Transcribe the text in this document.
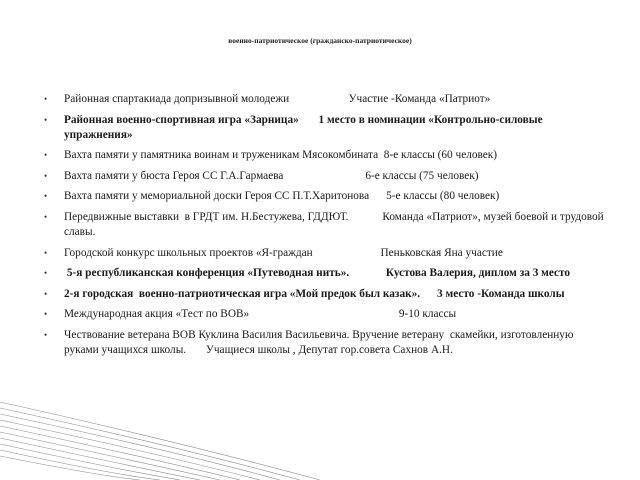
военно-патриотическое (гражданско-патриотическое)
• Районная спартакиада допризывной молодежи                     Участие -Команда «Патриот»
• Районная военно-спортивная игра «Зарница»       1 место в номинации «Контрольно-силовые упражнения»
• Вахта памяти у памятника воинам и труженикам Мясокомбината  8-е классы (60 человек)
• Вахта памяти у бюста Героя СС Г.А.Гармаева                             6-е классы (75 человек)
• Вахта памяти у мемориальной доски Героя СС П.Т.Харитонова      5-е классы (80 человек)
• Передвижные выставки  в ГРДТ им. Н.Бестужева, ГДДЮТ.            Команда «Патриот», музей боевой и трудовой славы.
• Городской конкурс школьных проектов «Я-граждан                        Пеньковская Яна участие
• 5-я республиканская конференция «Путеводная нить».             Кустова Валерия, диплом за 3 место
• 2-я городская  военно-патриотическая игра «Мой предок был казак».      3 место -Команда школы
• Международная акция «Тест по ВОВ»                                                     9-10 классы
• Чествование ветерана ВОВ Куклина Василия Васильевича. Вручение ветерану  скамейки, изготовленную руками учащихся школы.       Учащиеся школы , Депутат гор.совета Сахнов А.Н.
